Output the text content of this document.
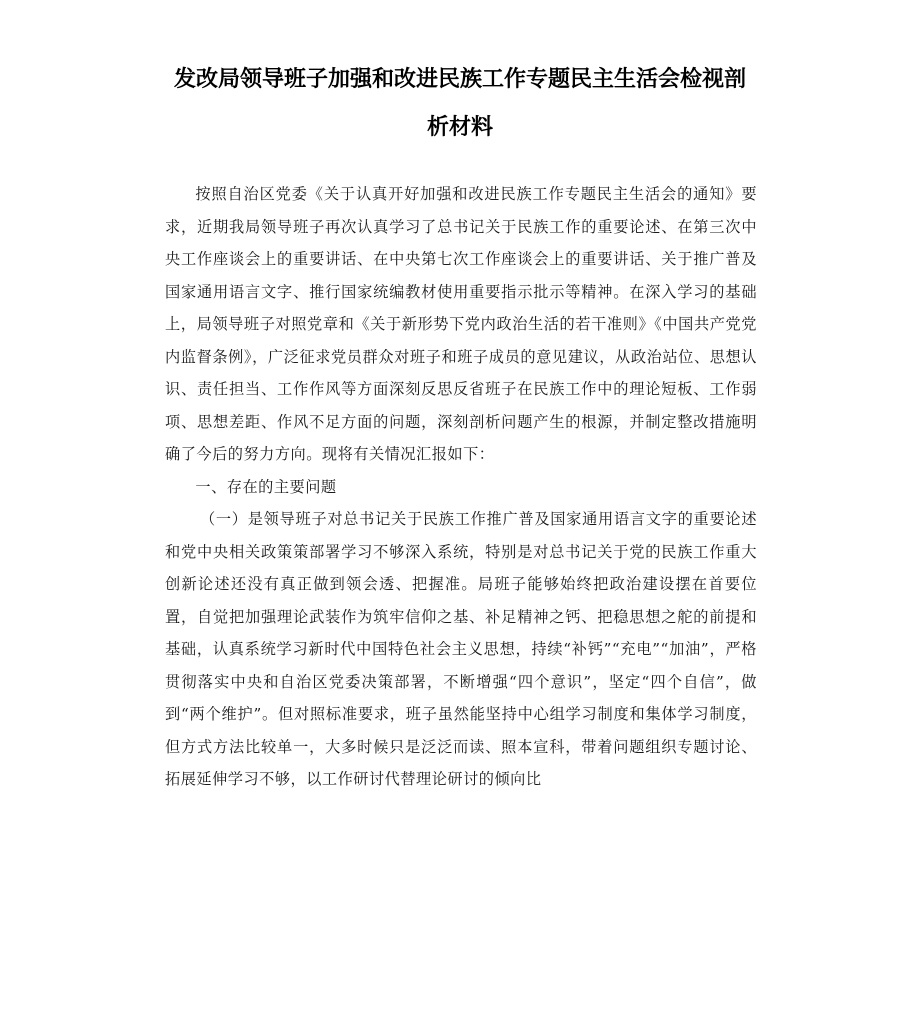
发改局领导班子加强和改进民族工作专题民主生活会检视剖
析材料

按照自治区党委《关于认真开好加强和改进民族工作专题民主生活会的通知》要求，近期我局领导班子再次认真学习了总书记关于民族工作的重要论述、在第三次中央工作座谈会上的重要讲话、在中央第七次工作座谈会上的重要讲话、关于推广普及国家通用语言文字、推行国家统编教材使用重要指示批示等精神。在深入学习的基础上，局领导班子对照党章和《关于新形势下党内政治生活的若干准则》《中国共产党党内监督条例》，广泛征求党员群众对班子和班子成员的意见建议，从政治站位、思想认识、责任担当、工作作风等方面深刻反思反省班子在民族工作中的理论短板、工作弱项、思想差距、作风不足方面的问题，深刻剖析问题产生的根源，并制定整改措施明确了今后的努力方向。现将有关情况汇报如下：

一、存在的主要问题

（一）是领导班子对总书记关于民族工作推广普及国家通用语言文字的重要论述和党中央相关政策策部署学习不够深入系统，特别是对总书记关于党的民族工作重大创新论述还没有真正做到领会透、把握准。局班子能够始终把政治建设摆在首要位置，自觉把加强理论武装作为筑牢信仰之基、补足精神之钙、把稳思想之舵的前提和基础，认真系统学习新时代中国特色社会主义思想，持续“补钙”“充电”“加油”，严格贯彻落实中央和自治区党委决策部署，不断增强“四个意识”，坚定“四个自信”，做到“两个维护”。但对照标准要求，班子虽然能坚持中心组学习制度和集体学习制度，但方式方法比较单一，大多时候只是泛泛而读、照本宣科，带着问题组织专题讨论、拓展延伸学习不够，以工作研讨代替理论研讨的倾向比
